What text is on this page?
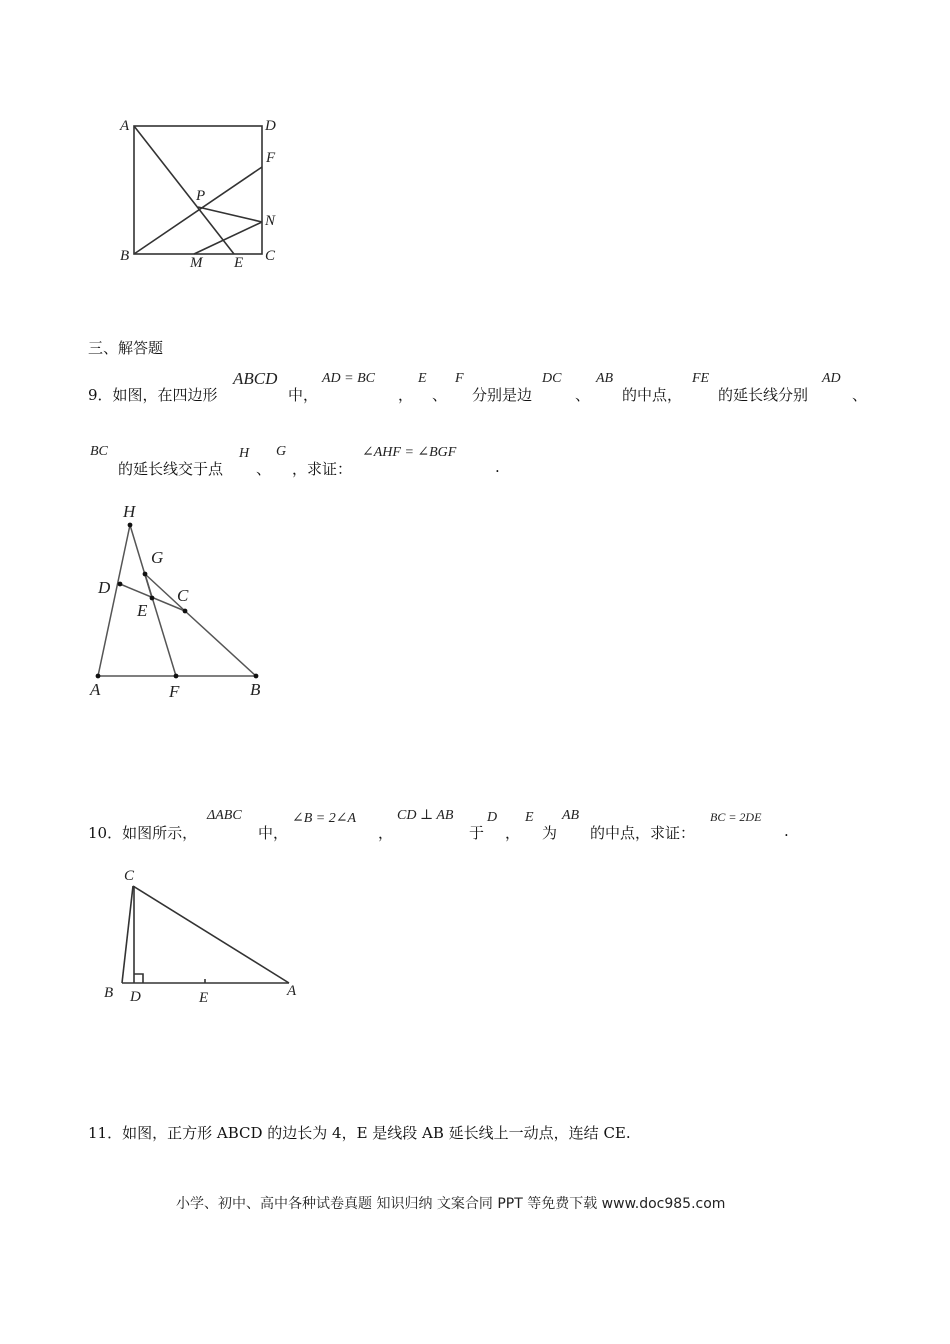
A	D
F
P
N
B	M E C
三、解答题
9．如图，在四边形
ABCD
中，
AD = BC
，
E
、
F
分别是边
DC
、
AB
的中点，
FE
的延长线分别
AD
、
BC
的延长线交于点
H
、
G
，求证：
∠AHF = ∠BGF
.
H
G
D
E
C
A	F	B
10．如图所示，
ΔABC
中，
∠B = 2∠A
，
CD ⊥ AB
于
D
，
E
为
AB
的中点，求证：
BC = 2DE
.
C
B D	E	A
11．如图，正方形 ABCD 的边长为 4，E 是线段 AB 延长线上一动点，连结 CE.
小学、初中、高中各种试卷真题 知识归纳 文案合同 PPT 等免费下载 www.doc985.com
